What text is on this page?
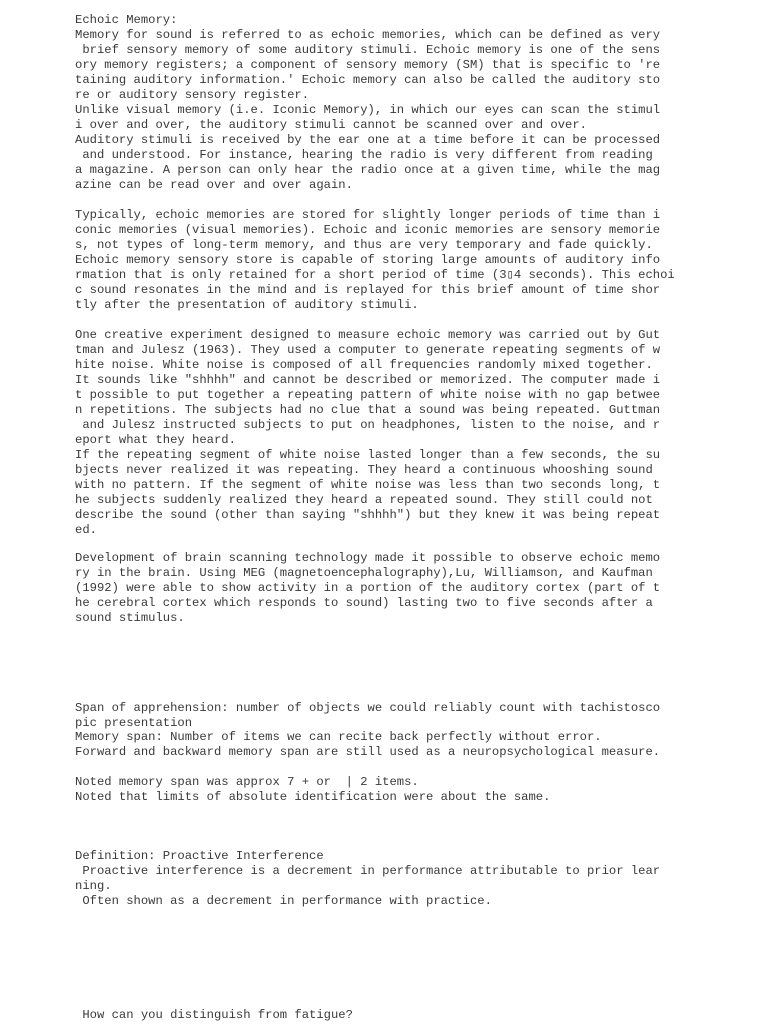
Echoic Memory:

Memory for sound is referred to as echoic memories, which can be defined as very

brief sensory memory of some auditory stimuli. Echoic memory is one of the sens

ory memory registers; a component of sensory memory (SM) that is specific to 're

taining auditory information.' Echoic memory can also be called the auditory sto

re or auditory sensory register.

Unlike visual memory (i.e. Iconic Memory), in which our eyes can scan the stimul

i over and over, the auditory stimuli cannot be scanned over and over.

Auditory stimuli is received by the ear one at a time before it can be processed

and understood. For instance, hearing the radio is very different from reading

a magazine. A person can only hear the radio once at a given time, while the mag

azine can be read over and over again.

Typically, echoic memories are stored for slightly longer periods of time than i

conic memories (visual memories). Echoic and iconic memories are sensory memorie

s, not types of long-term memory, and thus are very temporary and fade quickly.

Echoic memory sensory store is capable of storing large amounts of auditory info

rmation that is only retained for a short period of time (3▯4 seconds). This echoi

c sound resonates in the mind and is replayed for this brief amount of time shor

tly after the presentation of auditory stimuli.

One creative experiment designed to measure echoic memory was carried out by Gut

tman and Julesz (1963). They used a computer to generate repeating segments of w

hite noise. White noise is composed of all frequencies randomly mixed together.

It sounds like "shhhh" and cannot be described or memorized. The computer made i

t possible to put together a repeating pattern of white noise with no gap betwee

n repetitions. The subjects had no clue that a sound was being repeated. Guttman

and Julesz instructed subjects to put on headphones, listen to the noise, and r

eport what they heard.

If the repeating segment of white noise lasted longer than a few seconds, the su

bjects never realized it was repeating. They heard a continuous whooshing sound

with no pattern. If the segment of white noise was less than two seconds long, t

he subjects suddenly realized they heard a repeated sound. They still could not

describe the sound (other than saying "shhhh") but they knew it was being repeat

ed.

Development of brain scanning technology made it possible to observe echoic memo

ry in the brain. Using MEG (magnetoencephalography),Lu, Williamson, and Kaufman

(1992) were able to show activity in a portion of the auditory cortex (part of t

he cerebral cortex which responds to sound) lasting two to five seconds after a

sound stimulus.

Span of apprehension: number of objects we could reliably count with tachistosco

pic presentation

Memory span: Number of items we can recite back perfectly without error.

Forward and backward memory span are still used as a neuropsychological measure.

Noted memory span was approx 7 + or  | 2 items.

Noted that limits of absolute identification were about the same.

Definition: Proactive Interference

Proactive interference is a decrement in performance attributable to prior lear

ning.

Often shown as a decrement in performance with practice.

How can you distinguish from fatigue?
